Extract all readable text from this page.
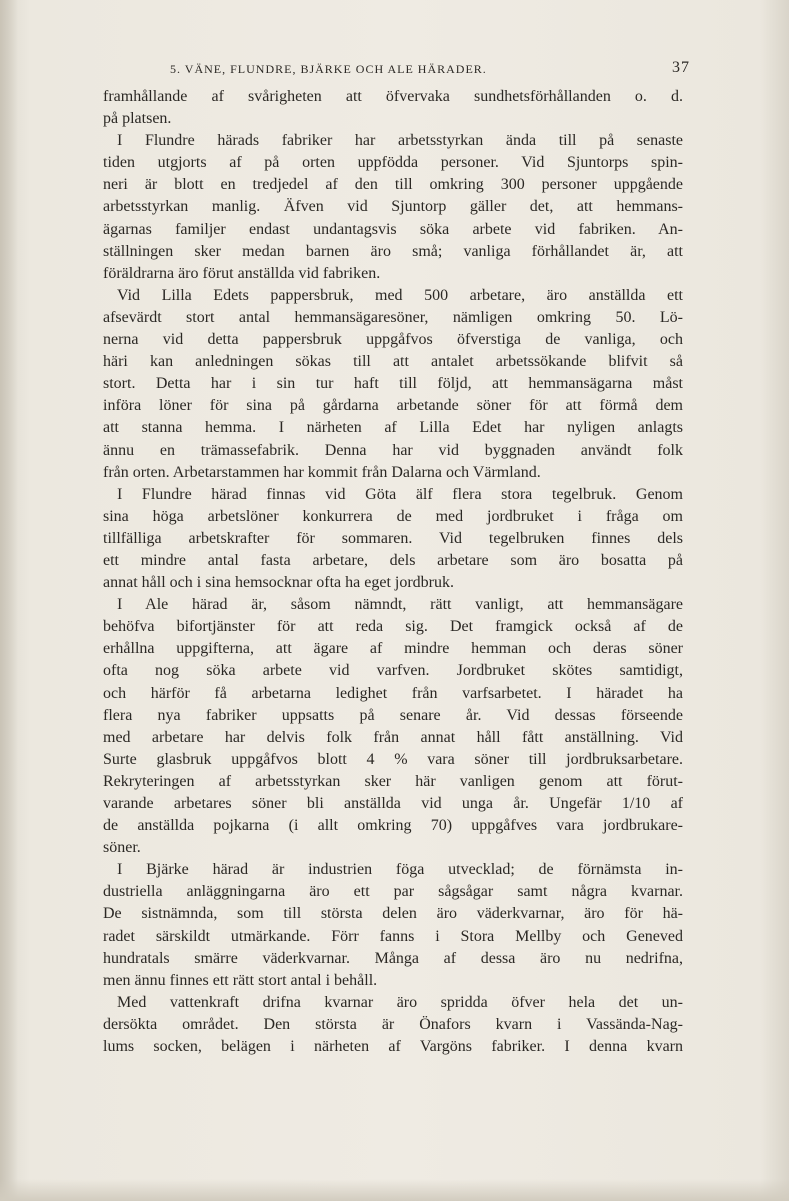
5. VÄNE, FLUNDRE, BJÄRKE OCH ALE HÄRADER.	37
framhållande af svårigheten att öfvervaka sundhetsförhållanden o. d.
på platsen.
I Flundre härads fabriker har arbetsstyrkan ända till på senaste
tiden utgjorts af på orten uppfödda personer. Vid Sjuntorps spin-
neri är blott en tredjedel af den till omkring 300 personer uppgående
arbetsstyrkan manlig. Äfven vid Sjuntorp gäller det, att hemmans-
ägarnas familjer endast undantagsvis söka arbete vid fabriken. An-
ställningen sker medan barnen äro små; vanliga förhållandet är, att
föräldrarna äro förut anställda vid fabriken.
Vid Lilla Edets pappersbruk, med 500 arbetare, äro anställda ett
afsevärdt stort antal hemmansägaresöner, nämligen omkring 50. Lö-
nerna vid detta pappersbruk uppgåfvos öfverstiga de vanliga, och
häri kan anledningen sökas till att antalet arbetssökande blifvit så
stort. Detta har i sin tur haft till följd, att hemmansägarna måst
införa löner för sina på gårdarna arbetande söner för att förmå dem
att stanna hemma. I närheten af Lilla Edet har nyligen anlagts
ännu en trämassefabrik. Denna har vid byggnaden användt folk
från orten. Arbetarstammen har kommit från Dalarna och Värmland.
I Flundre härad finnas vid Göta älf flera stora tegelbruk. Genom
sina höga arbetslöner konkurrera de med jordbruket i fråga om
tillfälliga arbetskrafter för sommaren. Vid tegelbruken finnes dels
ett mindre antal fasta arbetare, dels arbetare som äro bosatta på
annat håll och i sina hemsocknar ofta ha eget jordbruk.
I Ale härad är, såsom nämndt, rätt vanligt, att hemmansägare
behöfva bifortjänster för att reda sig. Det framgick också af de
erhållna uppgifterna, att ägare af mindre hemman och deras söner
ofta nog söka arbete vid varfven. Jordbruket skötes samtidigt,
och härför få arbetarna ledighet från varfsarbetet. I häradet ha
flera nya fabriker uppsatts på senare år. Vid dessas förseende
med arbetare har delvis folk från annat håll fått anställning. Vid
Surte glasbruk uppgåfvos blott 4 % vara söner till jordbruksarbetare.
Rekryteringen af arbetsstyrkan sker här vanligen genom att förut-
varande arbetares söner bli anställda vid unga år. Ungefär 1/10 af
de anställda pojkarna (i allt omkring 70) uppgåfves vara jordbrukare-
söner.
I Bjärke härad är industrien föga utvecklad; de förnämsta in-
dustriella anläggningarna äro ett par sågsågar samt några kvarnar.
De sistnämnda, som till största delen äro väderkvarnar, äro för hä-
radet särskildt utmärkande. Förr fanns i Stora Mellby och Geneved
hundratals smärre väderkvarnar. Många af dessa äro nu nedrifna,
men ännu finnes ett rätt stort antal i behåll.
Med vattenkraft drifna kvarnar äro spridda öfver hela det un-
dersökta området. Den största är Önafors kvarn i Vassända-Nag-
lums socken, belägen i närheten af Vargöns fabriker. I denna kvarn
